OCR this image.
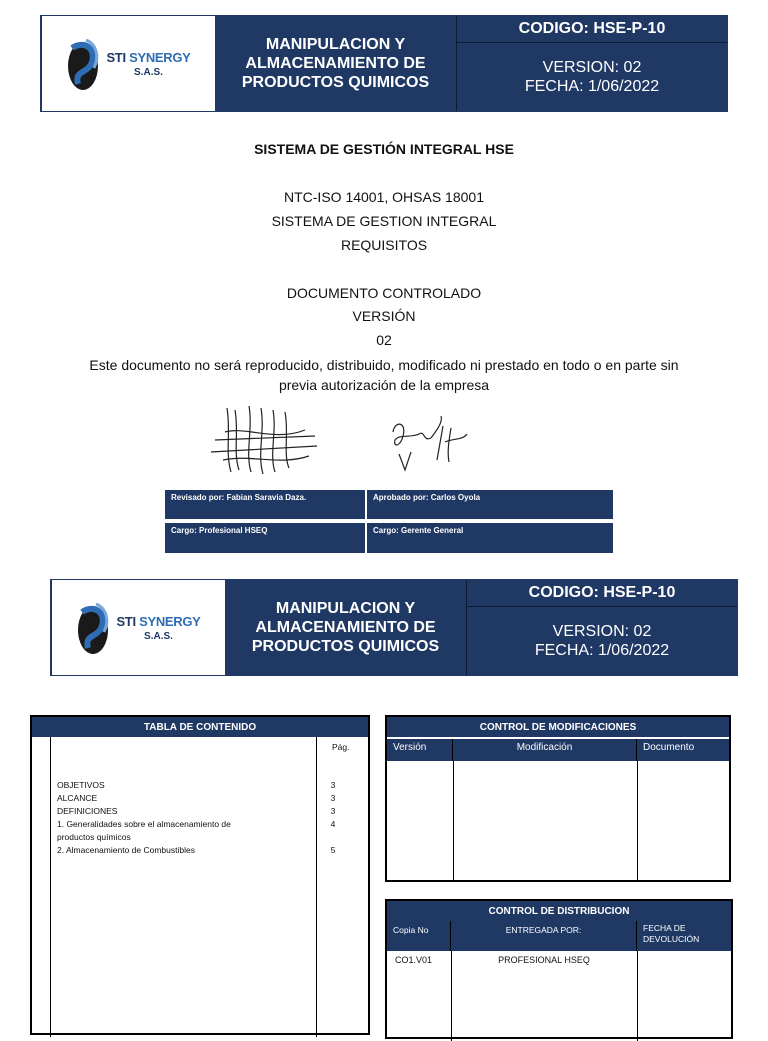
STI SYNERGY
S.A.S.
MANIPULACION Y ALMACENAMIENTO DE PRODUCTOS QUIMICOS
CODIGO: HSE-P-10
VERSION: 02
FECHA: 1/06/2022
SISTEMA DE GESTIÓN INTEGRAL HSE
NTC-ISO 14001, OHSAS 18001
SISTEMA DE GESTION INTEGRAL
REQUISITOS
DOCUMENTO CONTROLADO
VERSIÓN
02
Este documento no será reproducido, distribuido, modificado ni prestado en todo o en parte sin
previa autorización de la empresa
Revisado por: Fabian Saravia Daza.	Aprobado por: Carlos Oyola
Cargo: Profesional HSEQ	Cargo: Gerente General
STI SYNERGY
S.A.S.
MANIPULACION Y ALMACENAMIENTO DE PRODUCTOS QUIMICOS
CODIGO: HSE-P-10
VERSION: 02
FECHA: 1/06/2022
TABLA DE CONTENIDO
Pág.
OBJETIVOS	3
ALCANCE	3
DEFINICIONES	3
1. Generalidades sobre el almacenamiento de	4
productos químicos
2. Almacenamiento de Combustibles	5
CONTROL DE MODIFICACIONES
Versión	Modificación	Documento
CONTROL DE DISTRIBUCION
Copia No	ENTREGADA POR:	FECHA DE
DEVOLUCIÓN
CO1.V01	PROFESIONAL HSEQ
